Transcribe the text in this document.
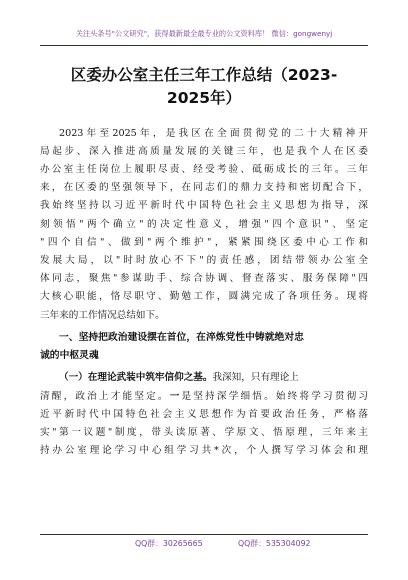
关注头条号"公文研究"，获得最新最全最专业的公文资料库！ 微信：gongwenyj
区委办公室主任三年工作总结（2023-
2025年）
2023年至2025年，是我区在全面贯彻党的二十大精神开
局起步、深入推进高质量发展的关键三年，也是我个人在区委
办公室主任岗位上履职尽责、经受考验、砥砺成长的三年。三年
来，在区委的坚强领导下，在同志们的鼎力支持和密切配合下，
我始终坚持以习近平新时代中国特色社会主义思想为指导，深
刻领悟"两个确立"的决定性意义，增强"四个意识"、坚定
"四个自信"、做到"两个维护"，紧紧围绕区委中心工作和
发展大局，以"时时放心不下"的责任感，团结带领办公室全
体同志，聚焦"参谋助手、综合协调、督查落实、服务保障"四
大核心职能，恪尽职守、勤勉工作，圆满完成了各项任务。现将
三年来的工作情况总结如下。
一、坚持把政治建设摆在首位，在淬炼党性中铸就绝对忠
诚的中枢灵魂
（一）在理论武装中筑牢信仰之基。我深知，只有理论上
清醒，政治上才能坚定。一是坚持深学细悟。始终将学习贯彻习
近平新时代中国特色社会主义思想作为首要政治任务，严格落
实"第一议题"制度，带头读原著、学原文、悟原理，三年来主
持办公室理论学习中心组学习共*次，个人撰写学习体会和理
QQ群：30265665	QQ群：535304092
